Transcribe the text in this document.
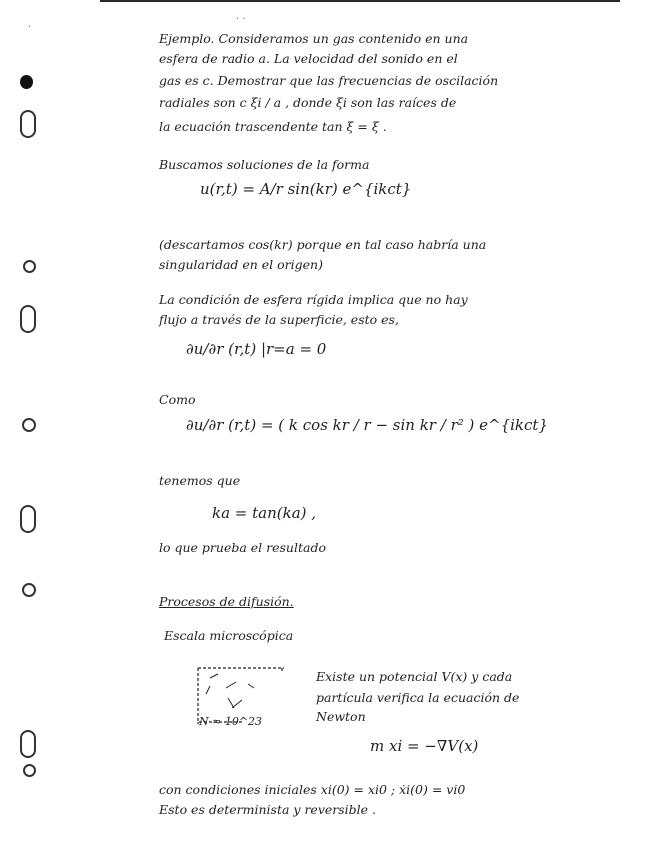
· ·
·
Ejemplo. Consideramos un gas contenido en una
esfera de radio a. La velocidad del sonido en el
gas es c. Demostrar que las frecuencias de oscilación
radiales son c ξi / a , donde ξi son las raíces de
la ecuación trascendente tan ξ = ξ .
Buscamos soluciones de la forma
u(r,t) = A/r sin(kr) e^{ikct}
(descartamos cos(kr) porque en tal caso habría una
singularidad en el origen)
La condición de esfera rígida implica que no hay
flujo a través de la superficie, esto es,
∂u/∂r (r,t) |r=a = 0
Como
∂u/∂r (r,t) = ( k cos kr / r − sin kr / r² ) e^{ikct}
tenemos que
ka = tan(ka) ,
lo que prueba el resultado
Procesos de difusión.
Escala microscópica
N ≈ 10^23
Existe un potencial V(x) y cada
partícula verifica la ecuación de
Newton
m xi = −∇V(x)
con condiciones iniciales xi(0) = xi0 ; ẋi(0) = vi0
Esto es determinista y reversible .
